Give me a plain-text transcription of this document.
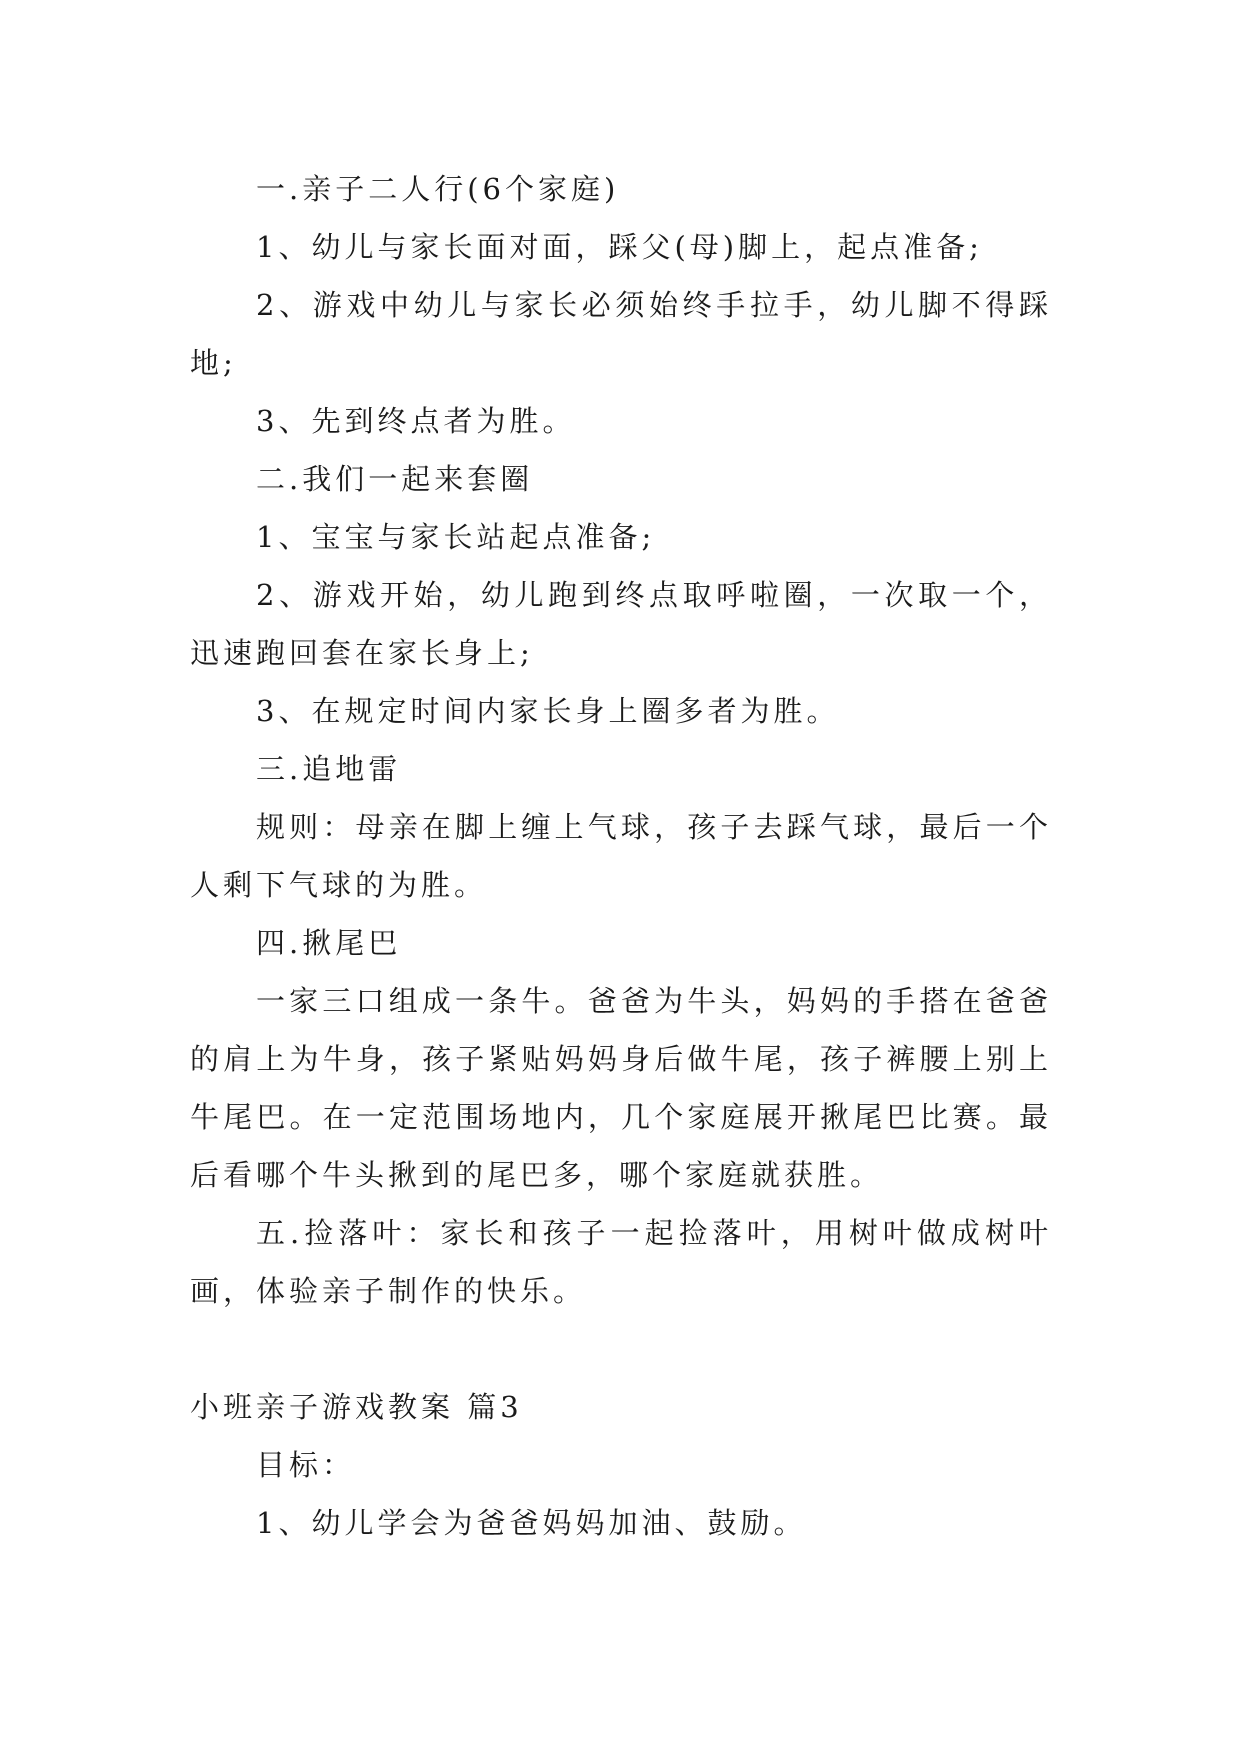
一.亲子二人行(6个家庭)

1、幼儿与家长面对面，踩父(母)脚上，起点准备;

2、游戏中幼儿与家长必须始终手拉手，幼儿脚不得踩地;

3、先到终点者为胜。

二.我们一起来套圈

1、宝宝与家长站起点准备;

2、游戏开始，幼儿跑到终点取呼啦圈，一次取一个，迅速跑回套在家长身上;

3、在规定时间内家长身上圈多者为胜。

三.追地雷

规则：母亲在脚上缠上气球，孩子去踩气球，最后一个人剩下气球的为胜。

四.揪尾巴

一家三口组成一条牛。爸爸为牛头，妈妈的手搭在爸爸的肩上为牛身，孩子紧贴妈妈身后做牛尾，孩子裤腰上别上牛尾巴。在一定范围场地内，几个家庭展开揪尾巴比赛。最后看哪个牛头揪到的尾巴多，哪个家庭就获胜。

五.捡落叶：家长和孩子一起捡落叶，用树叶做成树叶画，体验亲子制作的快乐。

小班亲子游戏教案 篇3

目标：

1、幼儿学会为爸爸妈妈加油、鼓励。
